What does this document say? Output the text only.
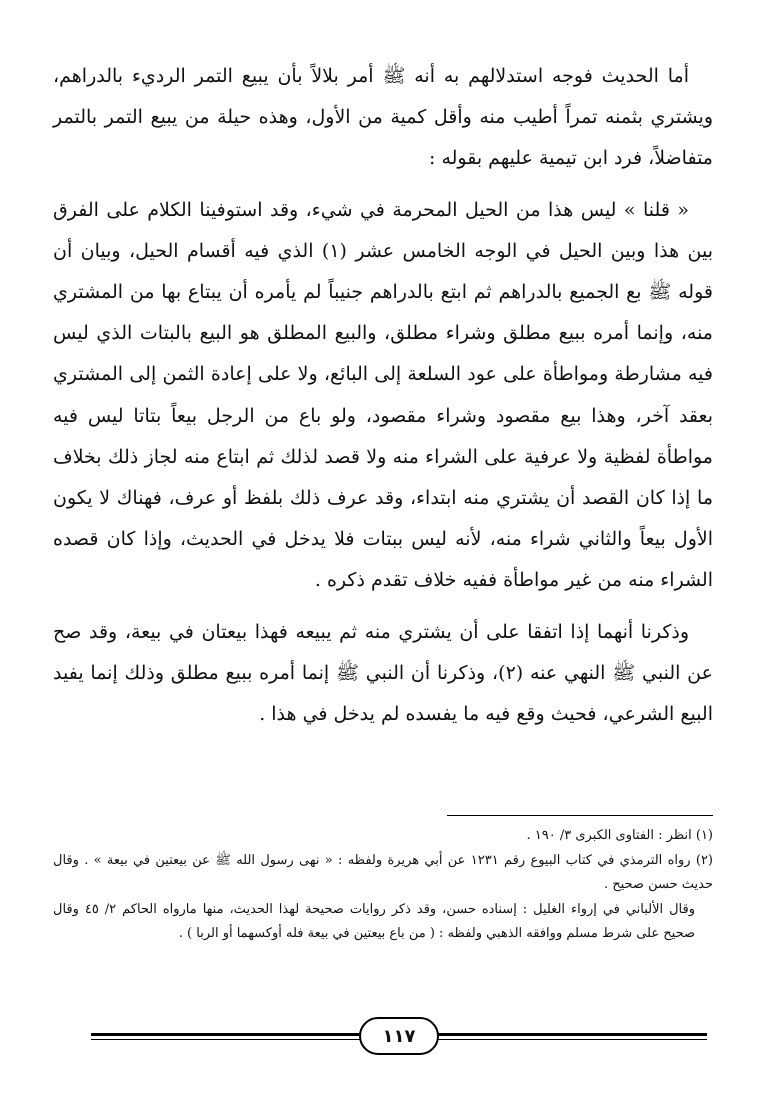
أما الحديث فوجه استدلالهم به أنه ﷺ أمر بلالاً بأن يبيع التمر الرديء بالدراهم، ويشتري بثمنه تمراً أطيب منه وأقل كمية من الأول، وهذه حيلة من يبيع التمر بالتمر متفاضلاً، فرد ابن تيمية عليهم بقوله :

« قلنا » ليس هذا من الحيل المحرمة في شيء، وقد استوفينا الكلام على الفرق بين هذا وبين الحيل في الوجه الخامس عشر (١) الذي فيه أقسام الحيل، وبيان أن قوله ﷺ بع الجميع بالدراهم ثم ابتع بالدراهم جنيباً لم يأمره أن يبتاع بها من المشتري منه، وإنما أمره ببيع مطلق وشراء مطلق، والبيع المطلق هو البيع بالبتات الذي ليس فيه مشارطة ومواطأة على عود السلعة إلى البائع، ولا على إعادة الثمن إلى المشتري بعقد آخر، وهذا بيع مقصود وشراء مقصود، ولو باع من الرجل بيعاً بتاتا ليس فيه مواطأة لفظية ولا عرفية على الشراء منه ولا قصد لذلك ثم ابتاع منه لجاز ذلك بخلاف ما إذا كان القصد أن يشتري منه ابتداء، وقد عرف ذلك بلفظ أو عرف، فهناك لا يكون الأول بيعاً والثاني شراء منه، لأنه ليس ببتات فلا يدخل في الحديث، وإذا كان قصده الشراء منه من غير مواطأة ففيه خلاف تقدم ذكره .

وذكرنا أنهما إذا اتفقا على أن يشتري منه ثم يبيعه فهذا بيعتان في بيعة، وقد صح عن النبي ﷺ النهي عنه (٢)، وذكرنا أن النبي ﷺ إنما أمره ببيع مطلق وذلك إنما يفيد البيع الشرعي، فحيث وقع فيه ما يفسده لم يدخل في هذا .

(١) انظر : الفتاوى الكبرى ٣/ ١٩٠ .

(٢) رواه الترمذي في كتاب البيوع رقم ١٢٣١ عن أبي هريرة ولفظه : « نهى رسول الله ﷺ عن بيعتين في بيعة » . وقال حديث حسن صحيح .

وقال الألباني في إرواء الغليل : إسناده حسن، وقد ذكر روايات صحيحة لهذا الحديث، منها مارواه الحاكم ٢/ ٤٥ وقال صحيح على شرط مسلم ووافقه الذهبي ولفظه : ( من باع بيعتين في بيعة فله أوكسهما أو الربا ) .

١١٧
